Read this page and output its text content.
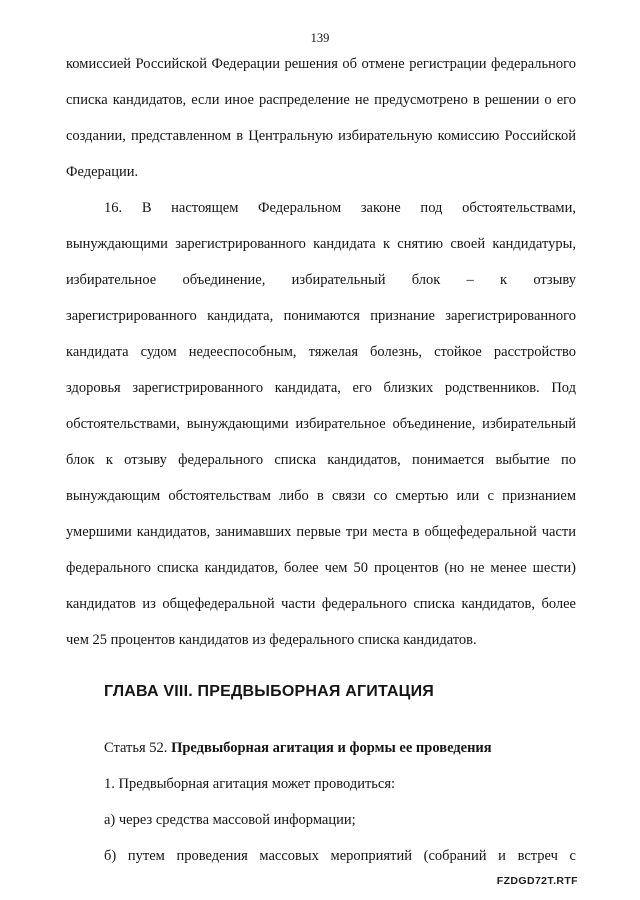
139
комиссией Российской Федерации решения об отмене регистрации федерального
списка кандидатов, если иное распределение не предусмотрено в решении о его
создании, представленном в Центральную избирательную комиссию Российской
Федерации.
16. В настоящем Федеральном законе под обстоятельствами,
вынуждающими зарегистрированного кандидата к снятию своей кандидатуры,
избирательное объединение, избирательный блок – к отзыву
зарегистрированного кандидата, понимаются признание зарегистрированного
кандидата судом недееспособным, тяжелая болезнь, стойкое расстройство
здоровья зарегистрированного кандидата, его близких родственников. Под
обстоятельствами, вынуждающими избирательное объединение, избирательный
блок к отзыву федерального списка кандидатов, понимается выбытие по
вынуждающим обстоятельствам либо в связи со смертью или с признанием
умершими кандидатов, занимавших первые три места в общефедеральной части
федерального списка кандидатов, более чем 50 процентов (но не менее шести)
кандидатов из общефедеральной части федерального списка кандидатов, более
чем 25 процентов кандидатов из федерального списка кандидатов.
ГЛАВА VIII. ПРЕДВЫБОРНАЯ АГИТАЦИЯ
Статья 52. Предвыборная агитация и формы ее проведения
1. Предвыборная агитация может проводиться:
а) через средства массовой информации;
б) путем проведения массовых мероприятий (собраний и встреч с
FZDGD72T.RTF
